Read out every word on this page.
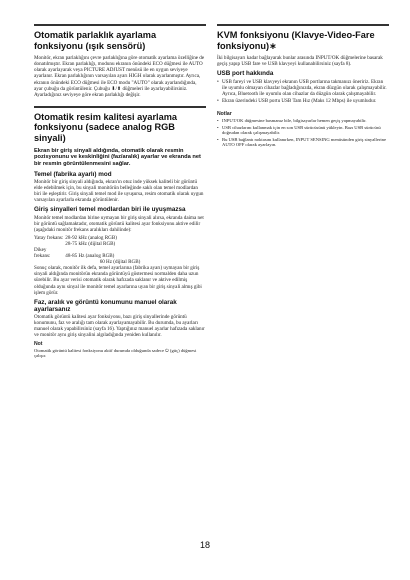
Otomatik parlaklık ayarlama fonksiyonu (ışık sensörü)

Monitör, ekran parlaklığını çevre parlaklığına göre otomatik ayarlama özelliğine de donatılmıştır. Ekran parlaklığı, modunu ekranın önündeki ECO düğmesi ile AUTO olarak ayarlayarak veya PICTURE ADJUST menüsü ile en uygun seviyeye ayarlanır. Ekran parlaklığının varsayılan ayarı HIGH olarak ayarlanmıştır. Ayrıca, ekranın önündeki ECO düğmesi ile ECO modu "AUTO" olarak ayarlandığında, ayar çubuğu da görüntülenir. Çubuğu ⬇/⬆ düğmeleri ile ayarlayabilirsiniz. Ayarladığınız seviyeye göre ekran parlaklığı değişir.

Otomatik resim kalitesi ayarlama fonksiyonu (sadece analog RGB sinyali)
Ekran bir giriş sinyali aldığında, otomatik olarak resmin pozisyonunu ve keskinliğini (faz/aralık) ayarlar ve ekranda net bir resmin görüntülenmesini sağlar.
Temel (fabrika ayarlı) mod

Monitör bir giriş sinyali aldığında, ekran'ın otuz inde yüksek kaliteli bir görüntü elde edebilmek için, bu sinyali monitörün belleğinde saklı olan temel modlardan biri ile eşleştirir. Giriş sinyali temel mod ile uyuşursa, resim otomatik olarak uygun varsayılan ayarlarla ekranda görüntülenir.

Giriş sinyalleri temel modlardan biri ile uyuşmazsa

Monitör temel modlardan birine uymayan bir giriş sinyali alırsa, ekranda daima net bir görüntü sağlamaktadır, otomatik görüntü kalitesi ayar fonksiyonu aktive edilir (aşağıdaki monitör frekans aralıkları dahilinde):

Yatay frekans: 28-92 kHz (analog RGB)
28-75 kHz (dijital RGB)
Dikey frekans:	48-85 Hz (analog RGB)
60 Hz (dijital RGB)

Sonuç olarak, monitör ilk defa, temel ayarlarına (fabrika ayarı) uymayan bir giriş sinyali aldığında monitörün ekranda görüntüyü göstermesi normalden daha uzun sürebilir. Bu ayar verisi otomatik olarak hafızada saklanır ve aktive edilmiş olduğunda aynı sinyal ile monitör temel ayarlarına uyan bir giriş sinyali almış gibi işlem görür.

Faz, aralık ve görüntü konumunu manuel olarak ayarlarsanız

Otomatik görüntü kalitesi ayar fonksiyonu, bazı giriş sinyallerinde görüntü konumunu, faz ve aralığı tam olarak ayarlayamayabilir. Bu durumda, bu ayarları manuel olarak yapabilirsiniz (sayfa 16). Yaptığınız manuel ayarlar hafızada saklanır ve monitör aynı giriş sinyalini algıladığında yeniden kullanılır.

Not

Otomatik görüntü kalitesi fonksiyonu aktif durumda olduğunda sadece ⏻ (güç) düğmesi çalışır.

KVM fonksiyonu (Klavye-Video-Fare fonksiyonu)∗

İki bilgisayarı kadar bağlayarak bunlar arasında INPUT/OK düğmelerine basarak geçiş yapıp USB fare ve USB klavyeyi kullanabilirsiniz (sayfa 8).

USB port hakkında
• USB fareyi ve USB klavyeyi ekranın USB portlarına takmanızı öneririz. Ekran ile uyumlu olmayan cihazlar bağladığınızda, ekran düzgün olarak çalışmayabilir. Ayrıca, Bluetooth ile uyumlu olan cihazlar da düzgün olarak çalışmayabilir.
• Ekran üzerindeki USB portu USB Tam Hız (Maks 12 Mbps) ile uyumludur.
Notlar
• INPUT/OK düğmesine basmanız bile, bilgisayarlar hemen geçiş yapmayabilir.
• USB cihazlarını kullanmak için en son USB sürücüsünü yükleyin. Bazı USB sürücüsü doğrudan olarak çalışmayabilir.
• Bu USB bağlantı noktasını kullanırken, INPUT SENSING menüsünden giriş sinyallerine AUTO OFF olarak ayarlayın.
18
